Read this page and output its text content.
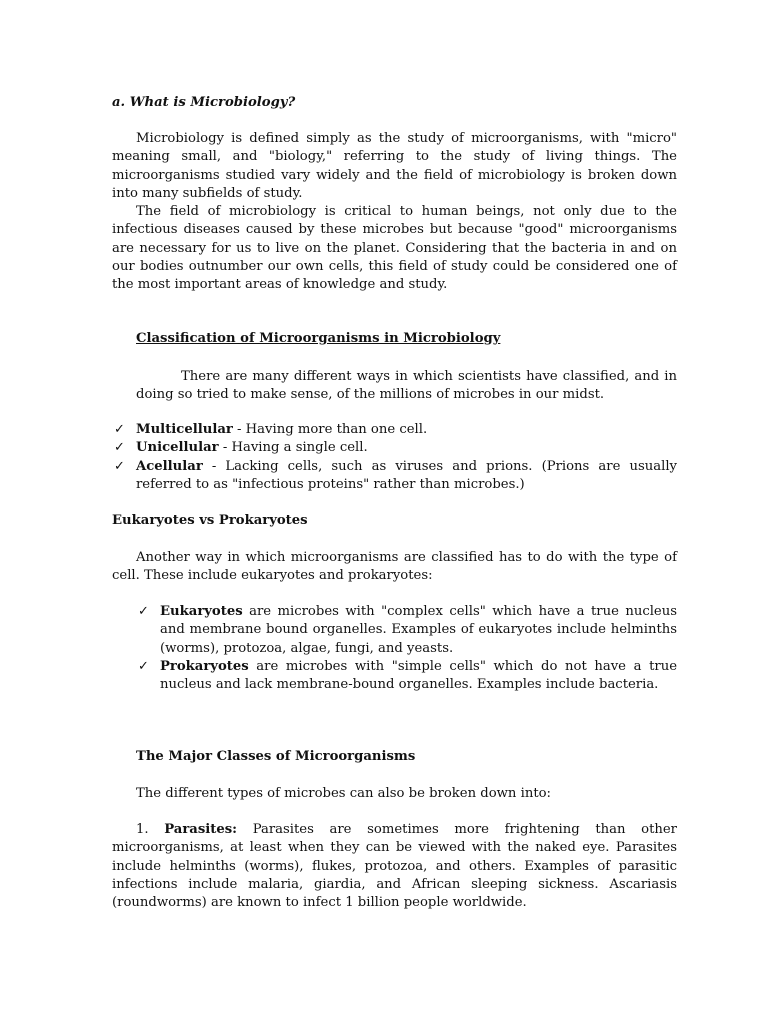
a. What is Microbiology?

Microbiology is defined simply as the study of microorganisms, with "micro" meaning small, and "biology," referring to the study of living things. The microorganisms studied vary widely and the field of microbiology is broken down into many subfields of study.

The field of microbiology is critical to human beings, not only due to the infectious diseases caused by these microbes but because "good" microorganisms are necessary for us to live on the planet. Considering that the bacteria in and on our bodies outnumber our own cells, this field of study could be considered one of the most important areas of knowledge and study.

Classification of Microorganisms in Microbiology

There are many different ways in which scientists have classified, and in doing so tried to make sense, of the millions of microbes in our midst.

✓ Multicellular - Having more than one cell.
✓ Unicellular - Having a single cell.
✓ Acellular - Lacking cells, such as viruses and prions. (Prions are usually referred to as "infectious proteins" rather than microbes.)

Eukaryotes vs Prokaryotes

Another way in which microorganisms are classified has to do with the type of cell. These include eukaryotes and prokaryotes:

✓ Eukaryotes are microbes with "complex cells" which have a true nucleus and membrane bound organelles. Examples of eukaryotes include helminths (worms), protozoa, algae, fungi, and yeasts.
✓ Prokaryotes are microbes with "simple cells" which do not have a true nucleus and lack membrane-bound organelles. Examples include bacteria.

The Major Classes of Microorganisms

The different types of microbes can also be broken down into:

1. Parasites: Parasites are sometimes more frightening than other microorganisms, at least when they can be viewed with the naked eye. Parasites include helminths (worms), flukes, protozoa, and others. Examples of parasitic infections include malaria, giardia, and African sleeping sickness. Ascariasis (roundworms) are known to infect 1 billion people worldwide.
